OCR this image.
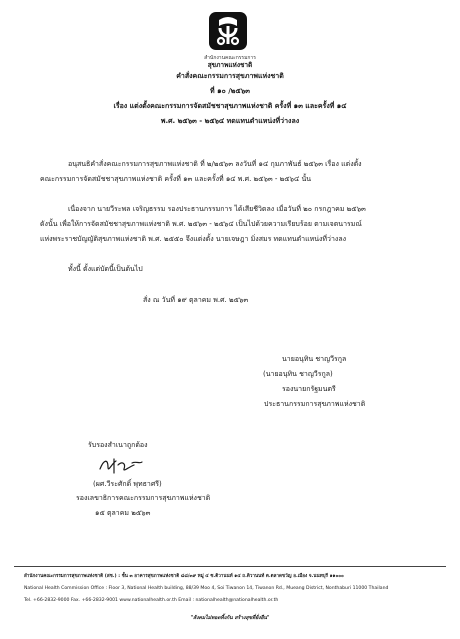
สำนักงานคณะกรรมการ
สุขภาพแห่งชาติ
คำสั่งคณะกรรมการสุขภาพแห่งชาติ
ที่ ๑๐ /๒๕๖๓
เรื่อง แต่งตั้งคณะกรรมการจัดสมัชชาสุขภาพแห่งชาติ ครั้งที่ ๑๓ และครั้งที่ ๑๔
พ.ศ. ๒๕๖๓ - ๒๕๖๔ ทดแทนตำแหน่งที่ว่างลง
อนุสนธิคำสั่งคณะกรรมการสุขภาพแห่งชาติ ที่ ๒/๒๕๖๓ ลงวันที่ ๑๔ กุมภาพันธ์ ๒๕๖๓ เรื่อง แต่งตั้ง
คณะกรรมการจัดสมัชชาสุขภาพแห่งชาติ ครั้งที่ ๑๓ และครั้งที่ ๑๔ พ.ศ. ๒๕๖๓ - ๒๕๖๔ นั้น
เนื่องจาก นายวีระพล เจริญธรรม รองประธานกรรมการ ได้เสียชีวิตลง เมื่อวันที่ ๒๐ กรกฎาคม ๒๕๖๓
ดังนั้น เพื่อให้การจัดสมัชชาสุขภาพแห่งชาติ พ.ศ. ๒๕๖๓ - ๒๕๖๔ เป็นไปด้วยความเรียบร้อย ตามเจตนารมณ์
แห่งพระราชบัญญัติสุขภาพแห่งชาติ พ.ศ. ๒๕๕๐ จึงแต่งตั้ง นายเจษฎา มิ่งสมร ทดแทนตำแหน่งที่ว่างลง
ทั้งนี้ ตั้งแต่บัดนี้เป็นต้นไป
สั่ง ณ วันที่ ๑๙ ตุลาคม พ.ศ. ๒๕๖๓
นายอนุทิน ชาญวีรกูล
(นายอนุทิน ชาญวีรกูล)
รองนายกรัฐมนตรี
ประธานกรรมการสุขภาพแห่งชาติ
รับรองสำเนาถูกต้อง
(ผศ.วีระศักดิ์ พุทธาศรี)
รองเลขาธิการคณะกรรมการสุขภาพแห่งชาติ
๑๕ ตุลาคม ๒๕๖๓
สำนักงานคณะกรรมการสุขภาพแห่งชาติ (สช.) : ชั้น ๓ อาคารสุขภาพแห่งชาติ ๘๘/๓๙ หมู่ ๔ ซ.ติวานนท์ ๑๔ ถ.ติวานนท์ ต.ตลาดขวัญ อ.เมือง จ.นนทบุรี ๑๑๐๐๐
National Health Commission Office : Floor 3, National Health building, 88/39 Moo 4, Soi Tiwanon 14, Tiwanon Rd., Mueang District, Nonthaburi 11000 Thailand
Tel. +66-2832-9000 Fax. +66-2832-9001 www.nationalhealth.or.th Email : nationalhealth@nationalhealth.or.th
"สังคมไม่ทอดทิ้งกัน สร้างสุขที่ยั่งยืน"
